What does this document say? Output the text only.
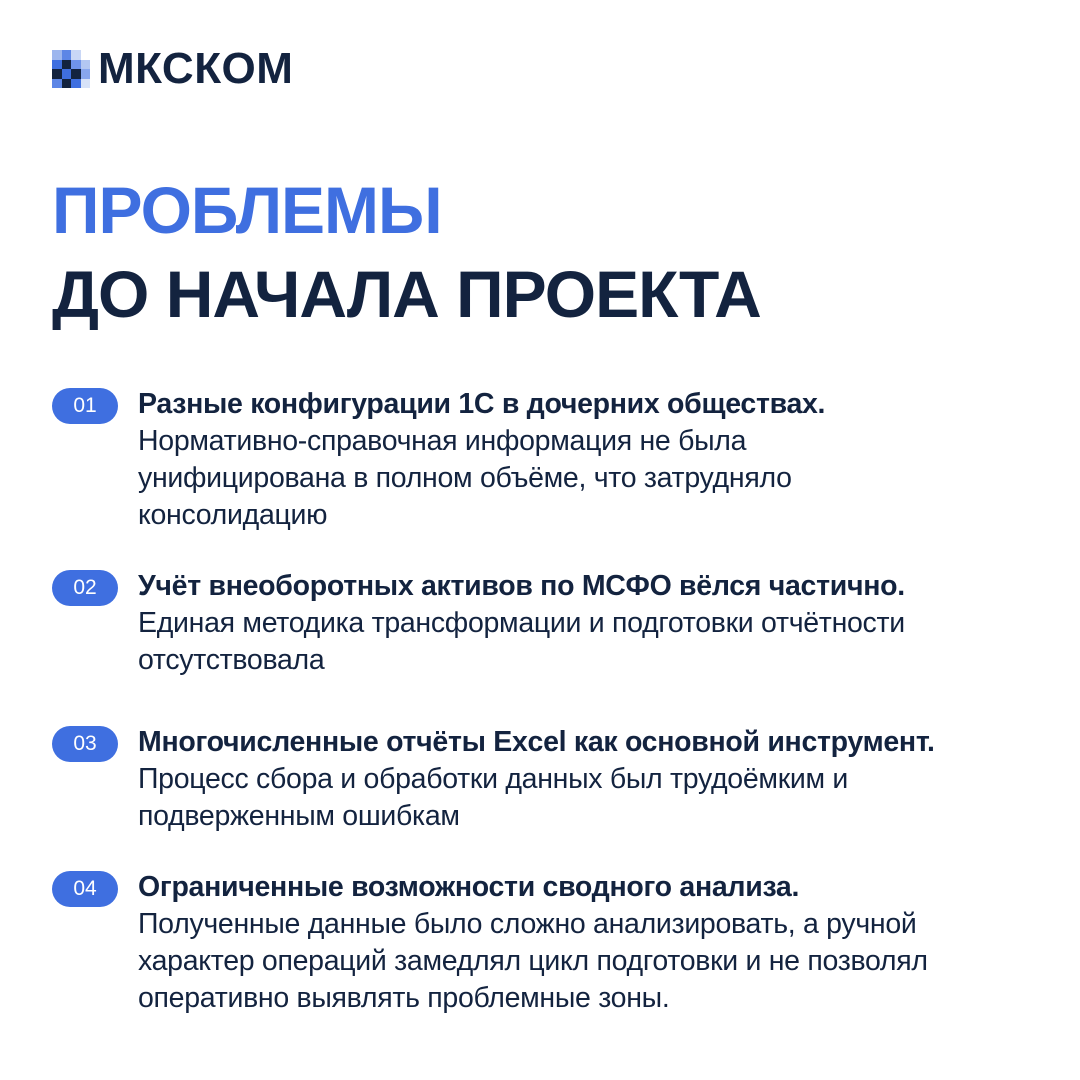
МКСКОМ
ПРОБЛЕМЫ
ДО НАЧАЛА ПРОЕКТА
01	Разные конфигурации 1С в дочерних обществах.
Нормативно-справочная информация не была унифицирована в полном объёме, что затрудняло консолидацию
02	Учёт внеоборотных активов по МСФО вёлся частично.
Единая методика трансформации и подготовки отчётности отсутствовала
03	Многочисленные отчёты Excel как основной инструмент.
Процесс сбора и обработки данных был трудоёмким и подверженным ошибкам
04	Ограниченные возможности сводного анализа.
Полученные данные было сложно анализировать, а ручной характер операций замедлял цикл подготовки и не позволял оперативно выявлять проблемные зоны.
